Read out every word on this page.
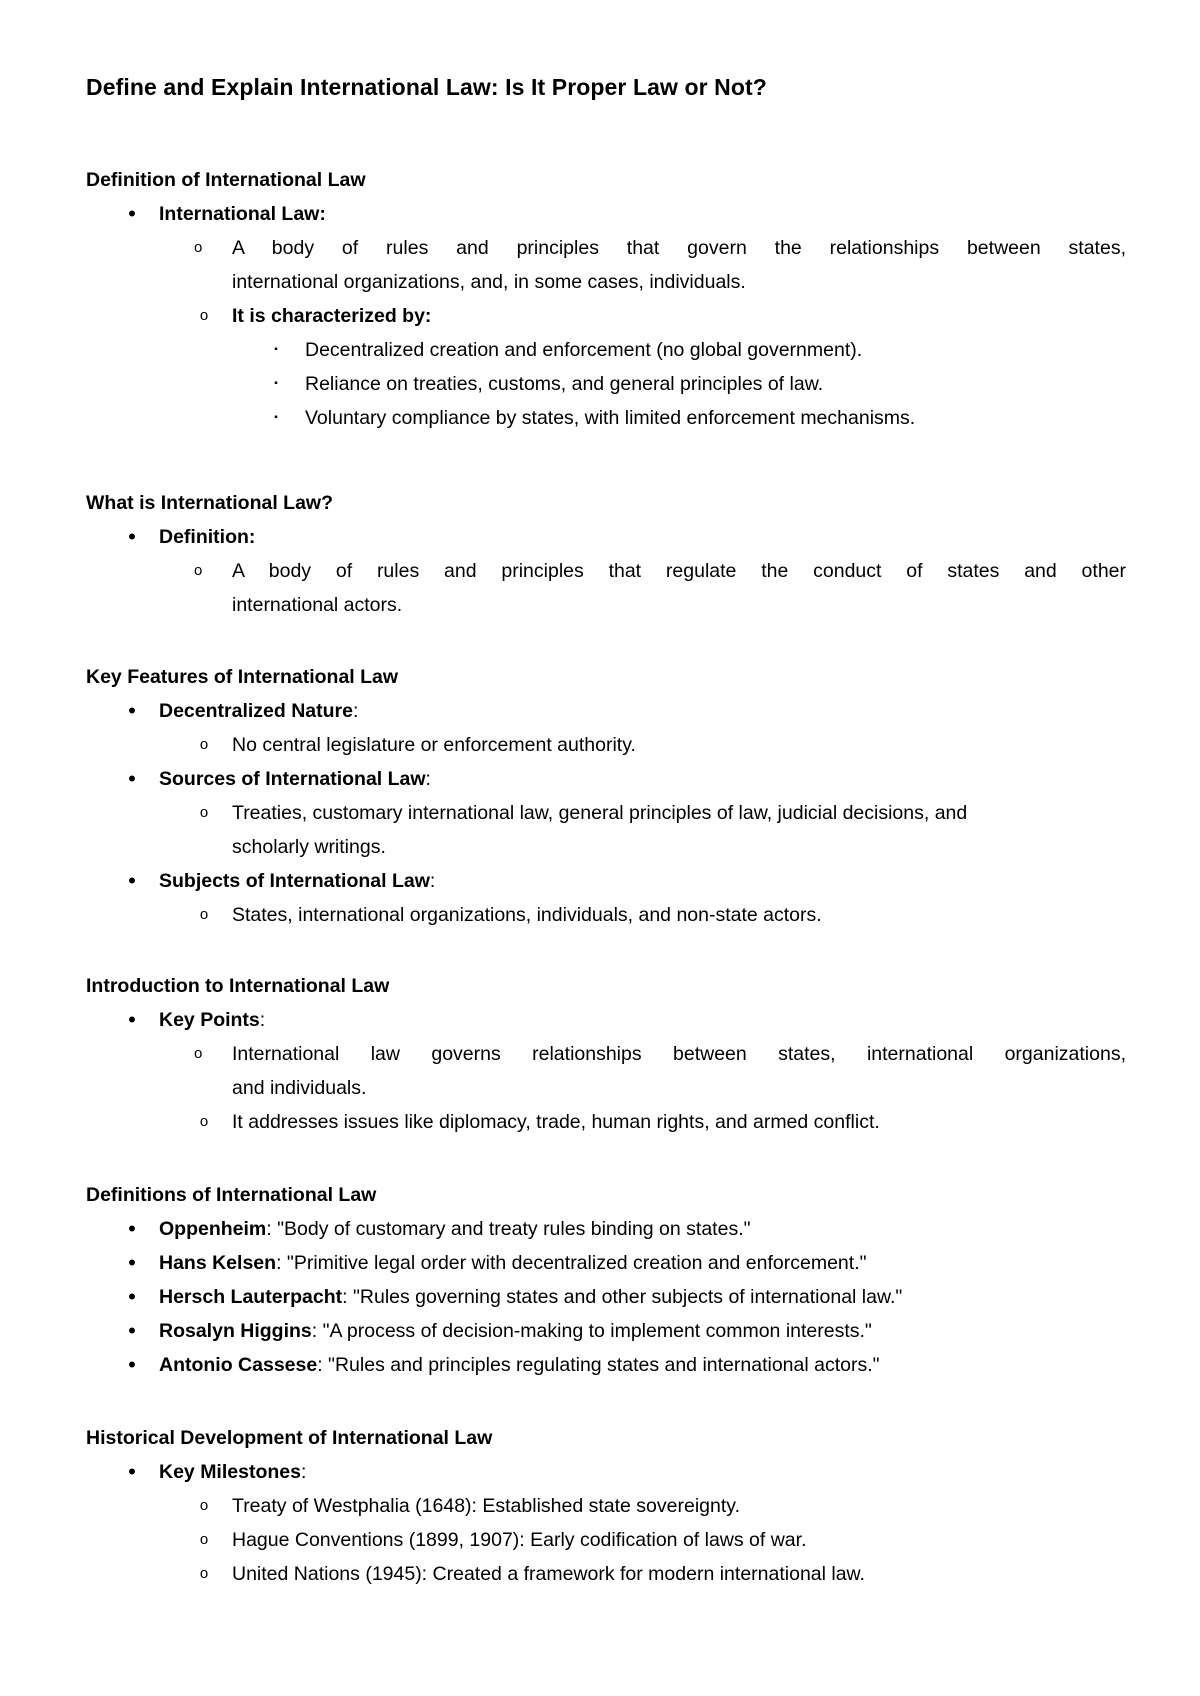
Define and Explain International Law: Is It Proper Law or Not?
Definition of International Law
•	International Law:
o	A body of rules and principles that govern the relationships between states,
international organizations, and, in some cases, individuals.
o It is characterized by:
▪	Decentralized creation and enforcement (no global government).
▪	Reliance on treaties, customs, and general principles of law.
▪	Voluntary compliance by states, with limited enforcement mechanisms.
What is International Law?
•	Definition:
o	A body of rules and principles that regulate the conduct of states and other
international actors.
Key Features of International Law
•	Decentralized Nature:
o No central legislature or enforcement authority.
•	Sources of International Law:
o Treaties, customary international law, general principles of law, judicial decisions, and
scholarly writings.
•	Subjects of International Law:
o States, international organizations, individuals, and non-state actors.
Introduction to International Law
•	Key Points:
o	International law governs relationships between states, international organizations,
and individuals.
o It addresses issues like diplomacy, trade, human rights, and armed conflict.
Definitions of International Law
•	Oppenheim: "Body of customary and treaty rules binding on states."
•	Hans Kelsen: "Primitive legal order with decentralized creation and enforcement."
•	Hersch Lauterpacht: "Rules governing states and other subjects of international law."
•	Rosalyn Higgins: "A process of decision-making to implement common interests."
•	Antonio Cassese: "Rules and principles regulating states and international actors."
Historical Development of International Law
•	Key Milestones:
o Treaty of Westphalia (1648): Established state sovereignty.
o Hague Conventions (1899, 1907): Early codification of laws of war.
o United Nations (1945): Created a framework for modern international law.
